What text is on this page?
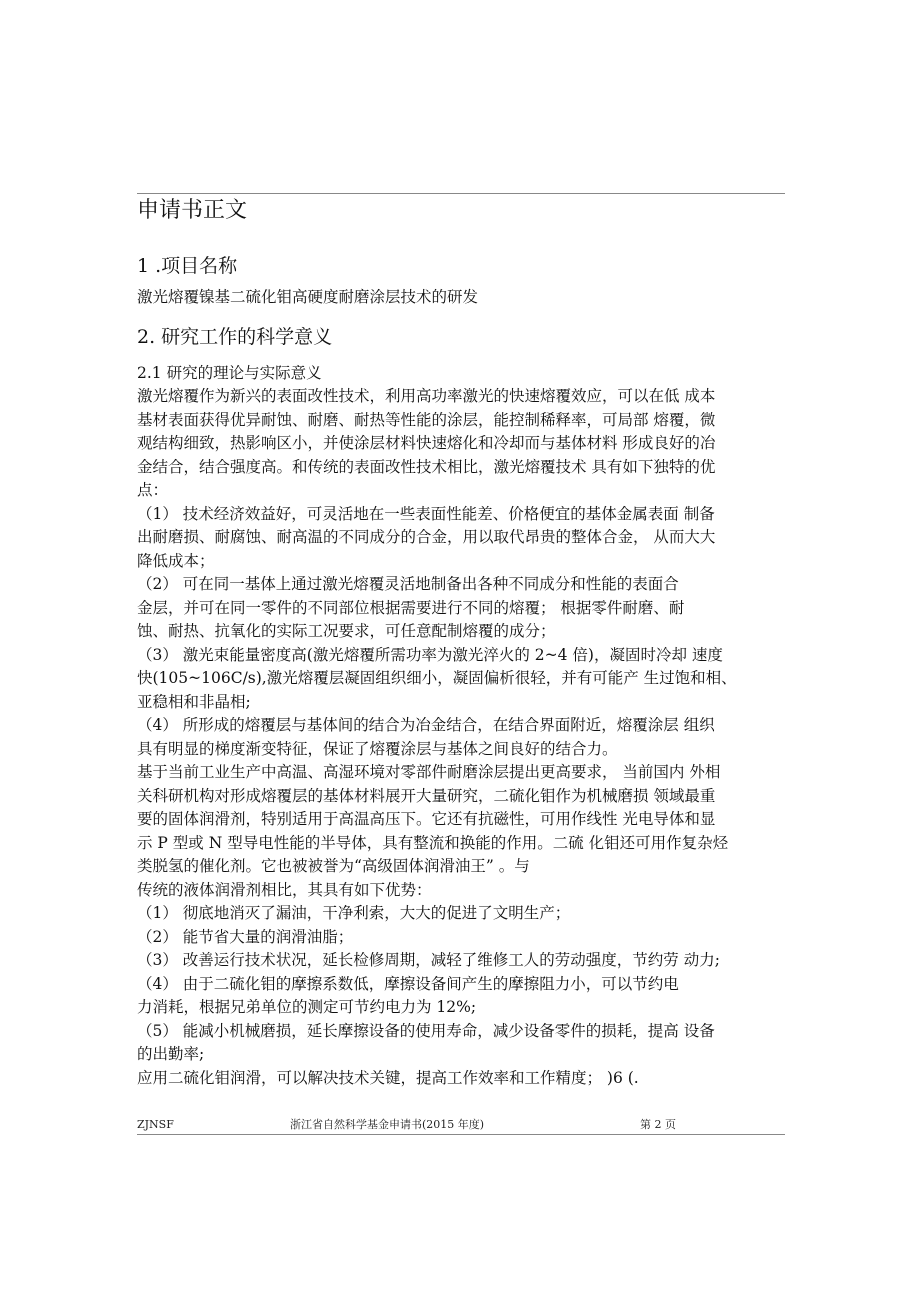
申请书正文
1 .项目名称
激光熔覆镍基二硫化钼高硬度耐磨涂层技术的研发
2. 研究工作的科学意义
2.1 研究的理论与实际意义
激光熔覆作为新兴的表面改性技术，利用高功率激光的快速熔覆效应，可以在低 成本
基材表面获得优异耐蚀、耐磨、耐热等性能的涂层，能控制稀释率，可局部 熔覆，微
观结构细致，热影响区小，并使涂层材料快速熔化和冷却而与基体材料 形成良好的冶
金结合，结合强度高。和传统的表面改性技术相比，激光熔覆技术 具有如下独特的优
点：
（1） 技术经济效益好，可灵活地在一些表面性能差、价格便宜的基体金属表面 制备
出耐磨损、耐腐蚀、耐高温的不同成分的合金，用以取代昂贵的整体合金， 从而大大
降低成本；
（2） 可在同一基体上通过激光熔覆灵活地制备出各种不同成分和性能的表面合
金层，并可在同一零件的不同部位根据需要进行不同的熔覆； 根据零件耐磨、耐
蚀、耐热、抗氧化的实际工况要求，可任意配制熔覆的成分；
（3） 激光束能量密度高(激光熔覆所需功率为激光淬火的 2~4 倍)，凝固时冷却 速度
快(105~106C/s),激光熔覆层凝固组织细小，凝固偏析很轻，并有可能产 生过饱和相、
亚稳相和非晶相;
（4） 所形成的熔覆层与基体间的结合为冶金结合，在结合界面附近，熔覆涂层 组织
具有明显的梯度渐变特征，保证了熔覆涂层与基体之间良好的结合力。
基于当前工业生产中高温、高湿环境对零部件耐磨涂层提出更高要求， 当前国内 外相
关科研机构对形成熔覆层的基体材料展开大量研究，二硫化钼作为机械磨损 领域最重
要的固体润滑剂，特别适用于高温高压下。它还有抗磁性，可用作线性 光电导体和显
示 P 型或 N 型导电性能的半导体，具有整流和换能的作用。二硫 化钼还可用作复杂烃
类脱氢的催化剂。它也被被誉为“高级固体润滑油王” 。与
传统的液体润滑剂相比，其具有如下优势：
（1） 彻底地消灭了漏油，干净利索，大大的促进了文明生产；
（2） 能节省大量的润滑油脂；
（3） 改善运行技术状况，延长检修周期，减轻了维修工人的劳动强度，节约劳 动力;
（4） 由于二硫化钼的摩擦系数低，摩擦设备间产生的摩擦阻力小，可以节约电
力消耗，根据兄弟单位的测定可节约电力为 12%;
（5） 能减小机械磨损，延长摩擦设备的使用寿命，减少设备零件的损耗，提高 设备
的出勤率;
应用二硫化钼润滑，可以解决技术关键，提高工作效率和工作精度； )6 (.
ZJNSF	浙江省自然科学基金申请书(2015 年度)	第 2 页
